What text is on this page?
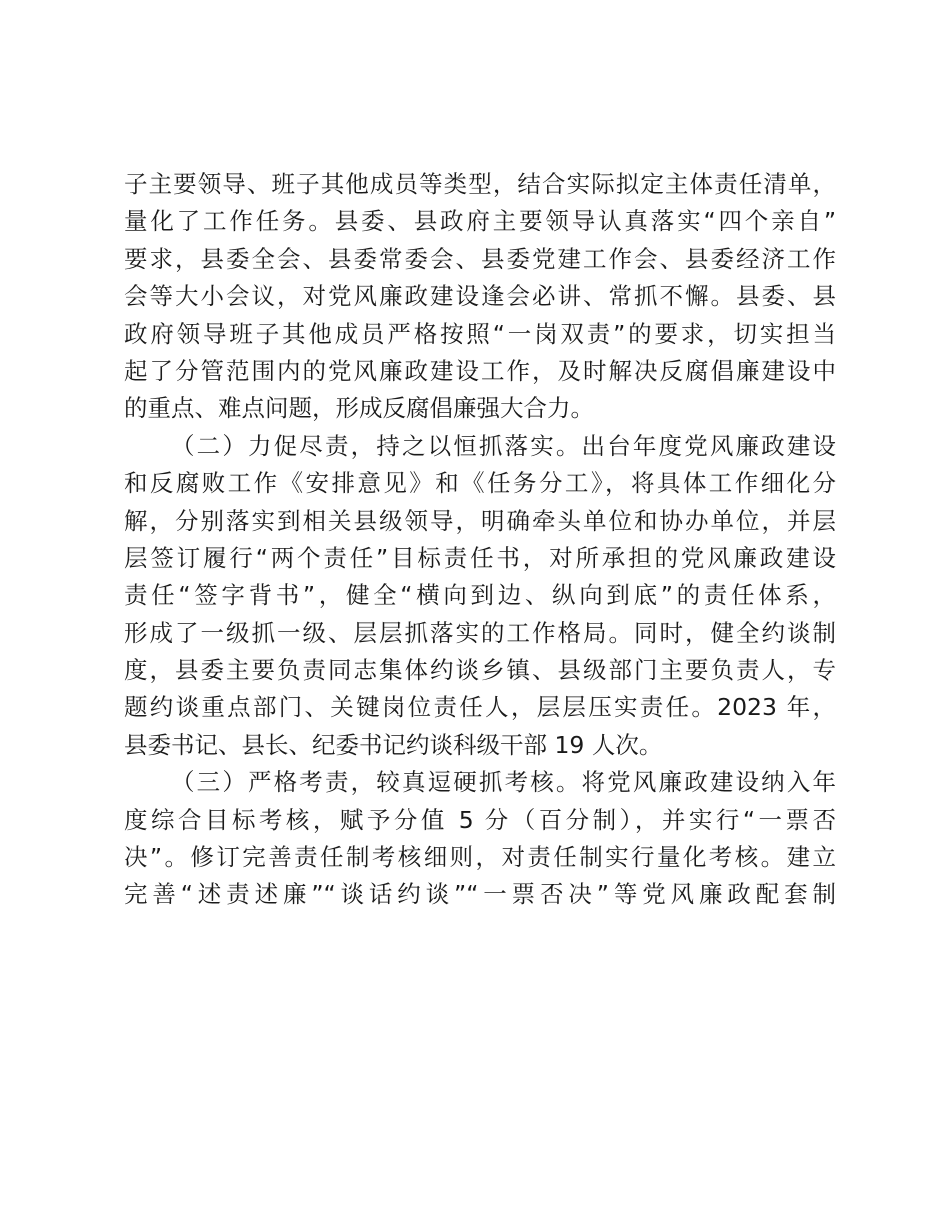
子主要领导、班子其他成员等类型，结合实际拟定主体责任清单，
量化了工作任务。县委、县政府主要领导认真落实“四个亲自”
要求，县委全会、县委常委会、县委党建工作会、县委经济工作
会等大小会议，对党风廉政建设逢会必讲、常抓不懈。县委、县
政府领导班子其他成员严格按照“一岗双责”的要求，切实担当
起了分管范围内的党风廉政建设工作，及时解决反腐倡廉建设中
的重点、难点问题，形成反腐倡廉强大合力。
（二）力促尽责，持之以恒抓落实。出台年度党风廉政建设
和反腐败工作《安排意见》和《任务分工》，将具体工作细化分
解，分别落实到相关县级领导，明确牵头单位和协办单位，并层
层签订履行“两个责任”目标责任书，对所承担的党风廉政建设
责任“签字背书”，健全“横向到边、纵向到底”的责任体系，
形成了一级抓一级、层层抓落实的工作格局。同时，健全约谈制
度，县委主要负责同志集体约谈乡镇、县级部门主要负责人，专
题约谈重点部门、关键岗位责任人，层层压实责任。2023 年，
县委书记、县长、纪委书记约谈科级干部 19 人次。
（三）严格考责，较真逗硬抓考核。将党风廉政建设纳入年
度综合目标考核，赋予分值 5 分（百分制），并实行“一票否
决”。修订完善责任制考核细则，对责任制实行量化考核。建立
完善“述责述廉”“谈话约谈”“一票否决”等党风廉政配套制
